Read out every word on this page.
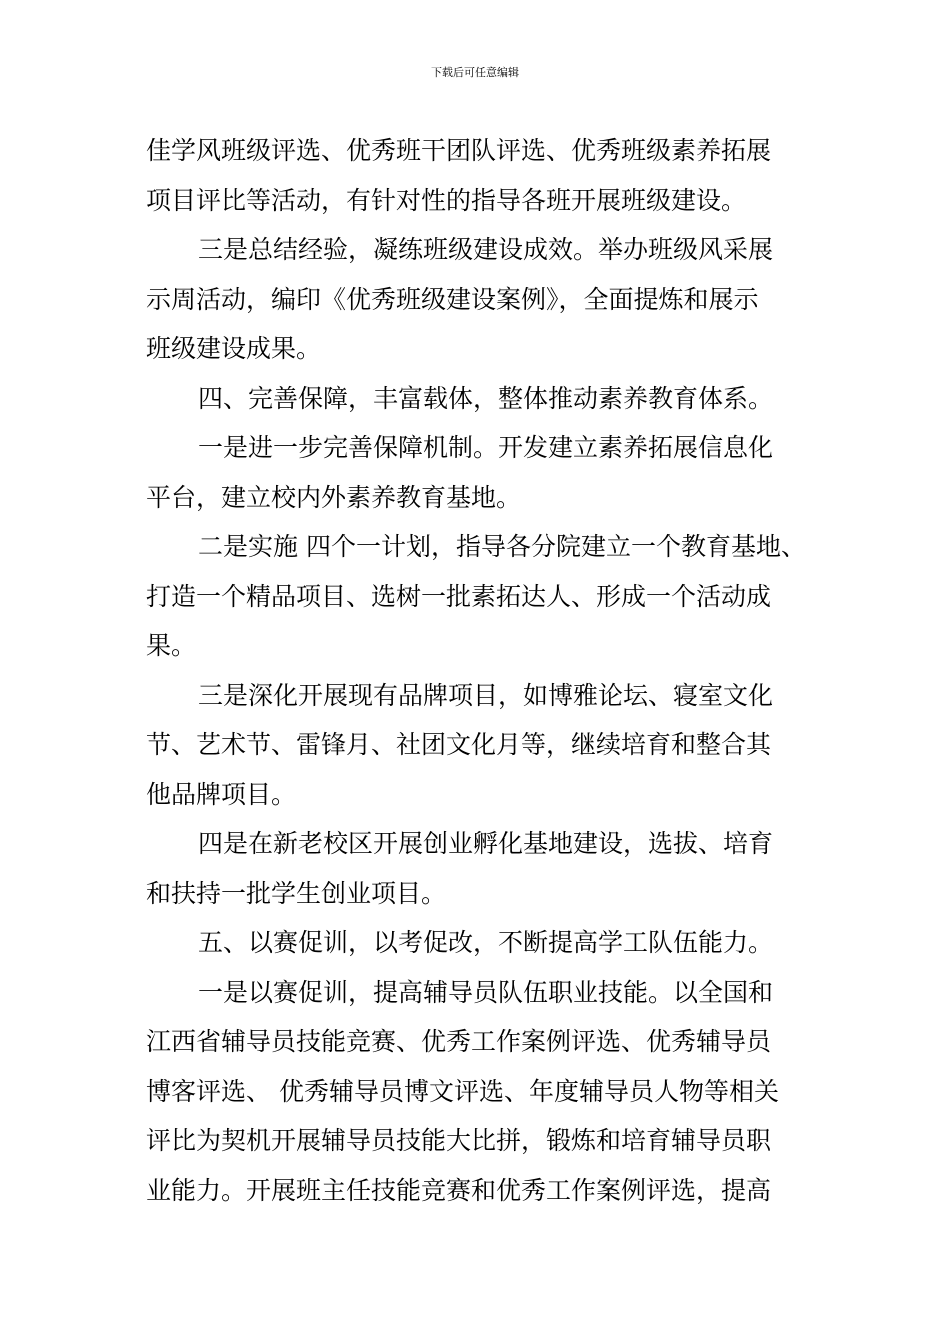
下载后可任意编辑
佳学风班级评选、优秀班干团队评选、优秀班级素养拓展
项目评比等活动，有针对性的指导各班开展班级建设。
三是总结经验，凝练班级建设成效。举办班级风采展
示周活动，编印《优秀班级建设案例》，全面提炼和展示
班级建设成果。
四、完善保障，丰富载体，整体推动素养教育体系。
一是进一步完善保障机制。开发建立素养拓展信息化
平台，建立校内外素养教育基地。
二是实施 四个一计划，指导各分院建立一个教育基地、
打造一个精品项目、选树一批素拓达人、形成一个活动成
果。
三是深化开展现有品牌项目，如博雅论坛、寝室文化
节、艺术节、雷锋月、社团文化月等，继续培育和整合其
他品牌项目。
四是在新老校区开展创业孵化基地建设，选拔、培育
和扶持一批学生创业项目。
五、以赛促训，以考促改，不断提高学工队伍能力。
一是以赛促训，提高辅导员队伍职业技能。以全国和
江西省辅导员技能竞赛、优秀工作案例评选、优秀辅导员
博客评选、 优秀辅导员博文评选、年度辅导员人物等相关
评比为契机开展辅导员技能大比拼，锻炼和培育辅导员职
业能力。开展班主任技能竞赛和优秀工作案例评选，提高
